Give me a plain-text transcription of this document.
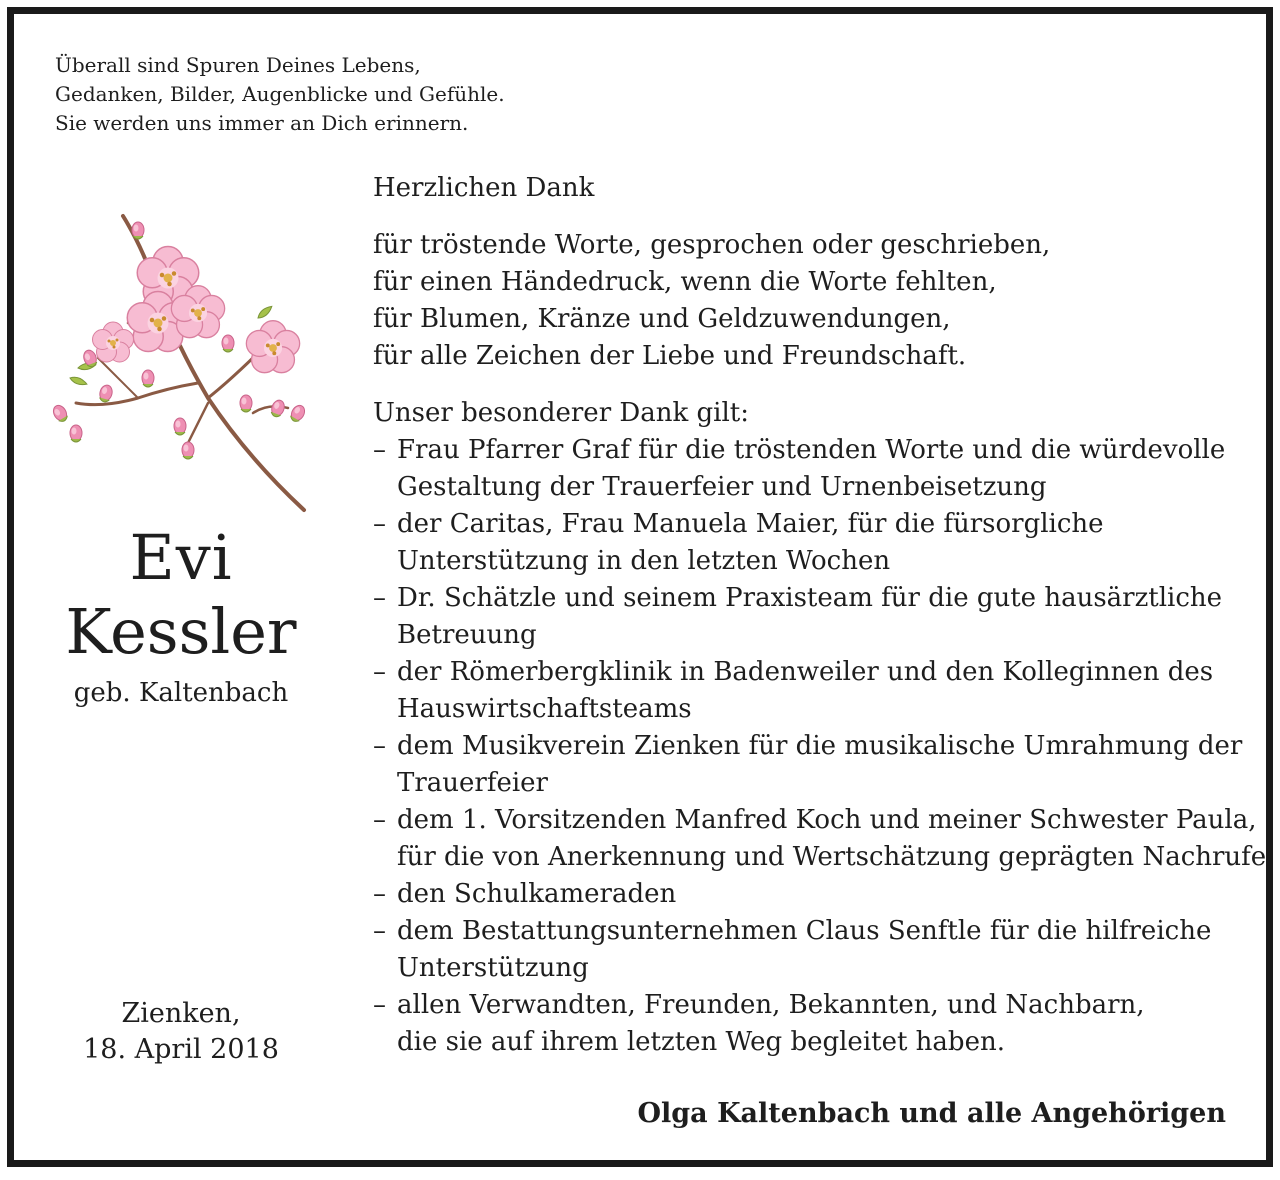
Überall sind Spuren Deines Lebens,
Gedanken, Bilder, Augenblicke und Gefühle.
Sie werden uns immer an Dich erinnern.
Evi
Kessler
geb. Kaltenbach
Zienken,
18. April 2018
Herzlichen Dank
für tröstende Worte, gesprochen oder geschrieben,
für einen Händedruck, wenn die Worte fehlten,
für Blumen, Kränze und Geldzuwendungen,
für alle Zeichen der Liebe und Freundschaft.
Unser besonderer Dank gilt:
– Frau Pfarrer Graf für die tröstenden Worte und die würdevolle
Gestaltung der Trauerfeier und Urnenbeisetzung
– der Caritas, Frau Manuela Maier, für die fürsorgliche
Unterstützung in den letzten Wochen
– Dr. Schätzle und seinem Praxisteam für die gute hausärztliche
Betreuung
– der Römerbergklinik in Badenweiler und den Kolleginnen des
Hauswirtschaftsteams
– dem Musikverein Zienken für die musikalische Umrahmung der
Trauerfeier
– dem 1. Vorsitzenden Manfred Koch und meiner Schwester Paula,
für die von Anerkennung und Wertschätzung geprägten Nachrufe
– den Schulkameraden
– dem Bestattungsunternehmen Claus Senftle für die hilfreiche
Unterstützung
– allen Verwandten, Freunden, Bekannten, und Nachbarn,
die sie auf ihrem letzten Weg begleitet haben.
Olga Kaltenbach und alle Angehörigen
